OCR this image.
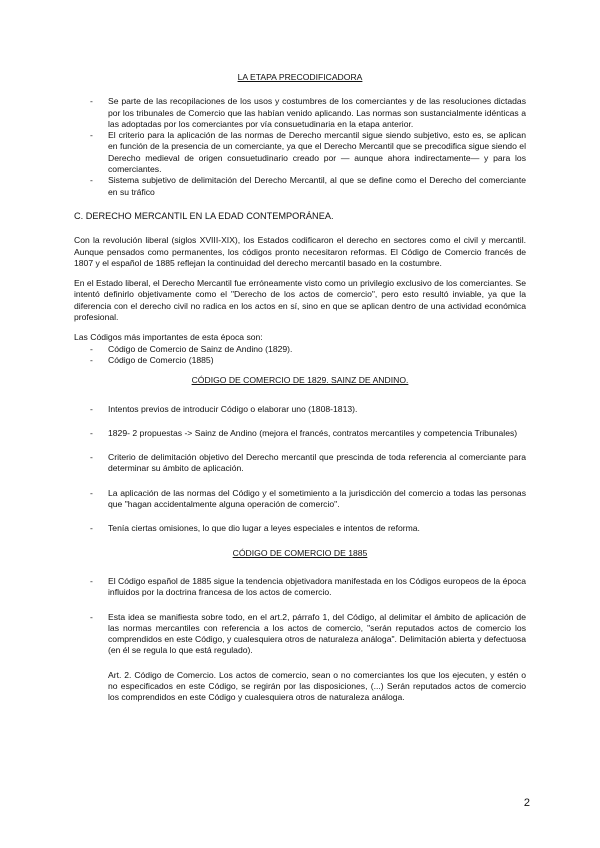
LA ETAPA PRECODIFICADORA
- Se parte de las recopilaciones de los usos y costumbres de los comerciantes y de las resoluciones dictadas por los tribunales de Comercio que las habían venido aplicando. Las normas son sustancialmente idénticas a las adoptadas por los comerciantes por vía consuetudinaria en la etapa anterior.
- El criterio para la aplicación de las normas de Derecho mercantil sigue siendo subjetivo, esto es, se aplican en función de la presencia de un comerciante, ya que el Derecho Mercantil que se precodifica sigue siendo el Derecho medieval de origen consuetudinario creado por — aunque ahora indirectamente— y para los comerciantes.
- Sistema subjetivo de delimitación del Derecho Mercantil, al que se define como el Derecho del comerciante en su tráfico
C. DERECHO MERCANTIL EN LA EDAD CONTEMPORÁNEA.

Con la revolución liberal (siglos XVIII-XIX), los Estados codificaron el derecho en sectores como el civil y mercantil. Aunque pensados como permanentes, los códigos pronto necesitaron reformas. El Código de Comercio francés de 1807 y el español de 1885 reflejan la continuidad del derecho mercantil basado en la costumbre.

En el Estado liberal, el Derecho Mercantil fue erróneamente visto como un privilegio exclusivo de los comerciantes. Se intentó definirlo objetivamente como el "Derecho de los actos de comercio", pero esto resultó inviable, ya que la diferencia con el derecho civil no radica en los actos en sí, sino en que se aplican dentro de una actividad económica profesional.

Las Códigos más importantes de esta época son:

- Código de Comercio de Sainz de Andino (1829).
- Código de Comercio (1885)

CÓDIGO DE COMERCIO DE 1829. SAINZ DE ANDINO.

- Intentos previos de introducir Código o elaborar uno (1808-1813).
- 1829- 2 propuestas -> Sainz de Andino (mejora el francés, contratos mercantiles y competencia Tribunales)
- Criterio de delimitación objetivo del Derecho mercantil que prescinda de toda referencia al comerciante para determinar su ámbito de aplicación.
- La aplicación de las normas del Código y el sometimiento a la jurisdicción del comercio a todas las personas que "hagan accidentalmente alguna operación de comercio".
- Tenía ciertas omisiones, lo que dio lugar a leyes especiales e intentos de reforma.

CÓDIGO DE COMERCIO DE 1885

- El Código español de 1885 sigue la tendencia objetivadora manifestada en los Códigos europeos de la época influidos por la doctrina francesa de los actos de comercio.
- Esta idea se manifiesta sobre todo, en el art.2, párrafo 1, del Código, al delimitar el ámbito de aplicación de las normas mercantiles con referencia a los actos de comercio, "serán reputados actos de comercio los comprendidos en este Código, y cualesquiera otros de naturaleza análoga". Delimitación abierta y defectuosa (en él se regula lo que está regulado).

Art. 2. Código de Comercio. Los actos de comercio, sean o no comerciantes los que los ejecuten, y estén o no especificados en este Código, se regirán por las disposiciones, (...) Serán reputados actos de comercio los comprendidos en este Código y cualesquiera otros de naturaleza análoga.

2
